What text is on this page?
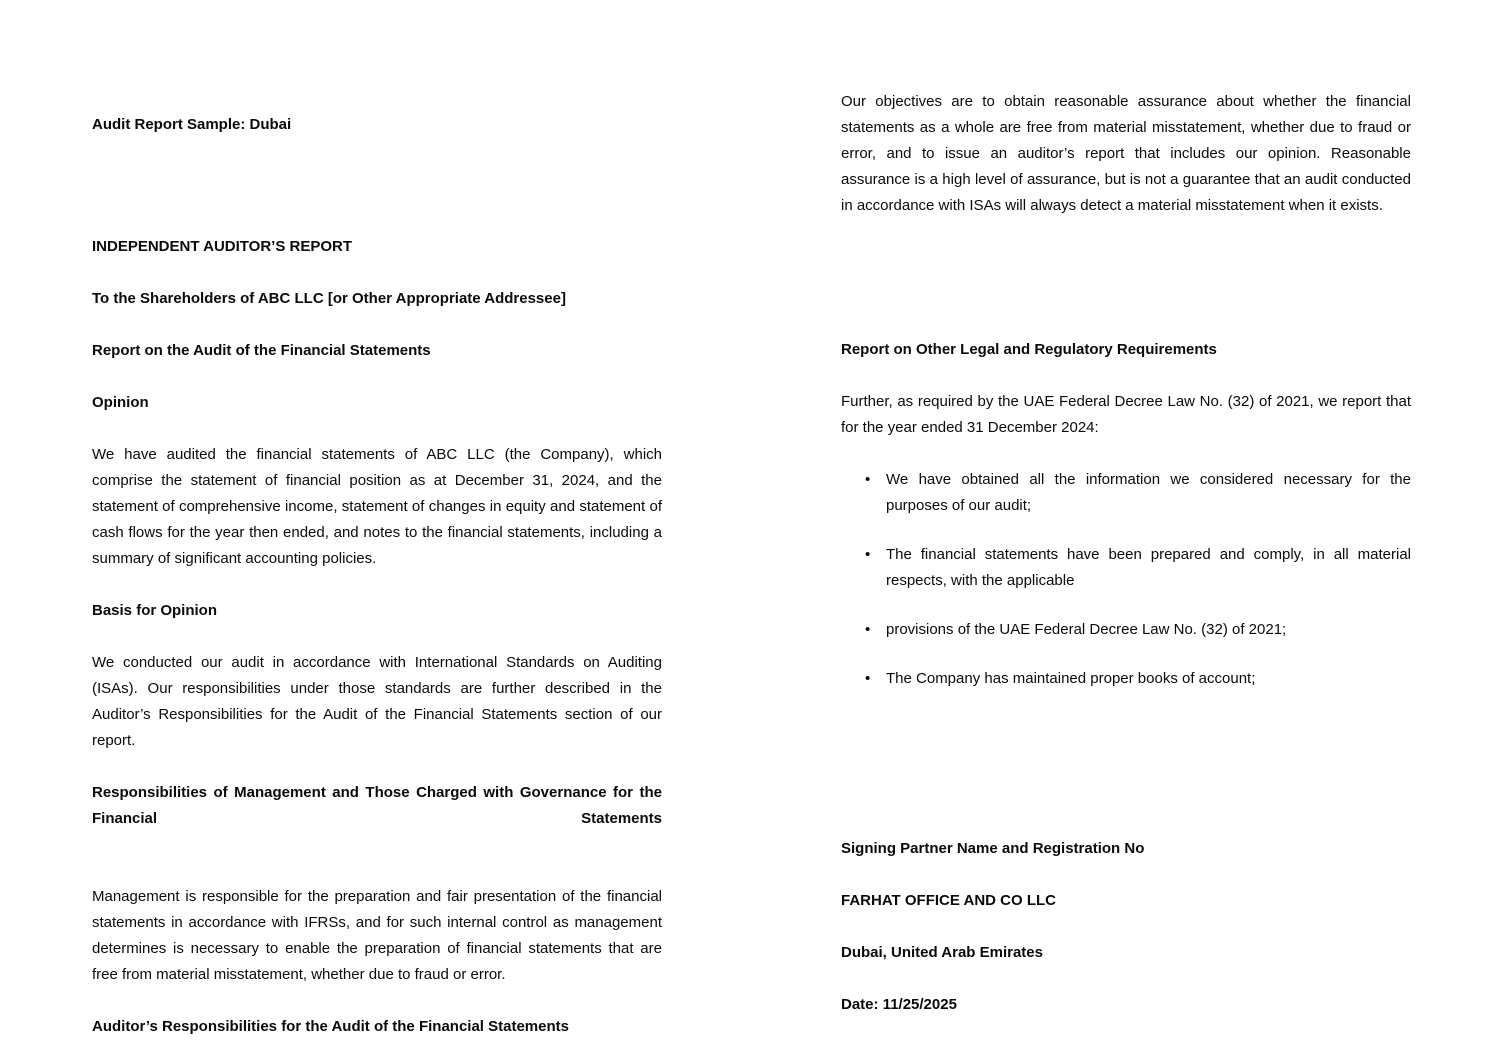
Audit Report Sample: Dubai
INDEPENDENT AUDITOR’S REPORT
To the Shareholders of ABC LLC [or Other Appropriate Addressee]
Report on the Audit of the Financial Statements
Opinion
We have audited the financial statements of ABC LLC (the Company), which comprise the statement of financial position as at December 31, 2024, and the statement of comprehensive income, statement of changes in equity and statement of cash flows for the year then ended, and notes to the financial statements, including a summary of significant accounting policies.
Basis for Opinion
We conducted our audit in accordance with International Standards on Auditing (ISAs). Our responsibilities under those standards are further described in the Auditor’s Responsibilities for the Audit of the Financial Statements section of our report.
Responsibilities of Management and Those Charged with Governance for the Financial Statements
Management is responsible for the preparation and fair presentation of the financial statements in accordance with IFRSs, and for such internal control as management determines is necessary to enable the preparation of financial statements that are free from material misstatement, whether due to fraud or error.
Auditor’s Responsibilities for the Audit of the Financial Statements
Our objectives are to obtain reasonable assurance about whether the financial statements as a whole are free from material misstatement, whether due to fraud or error, and to issue an auditor’s report that includes our opinion. Reasonable assurance is a high level of assurance, but is not a guarantee that an audit conducted in accordance with ISAs will always detect a material misstatement when it exists.
Report on Other Legal and Regulatory Requirements
Further, as required by the UAE Federal Decree Law No. (32) of 2021, we report that for the year ended 31 December 2024:
• We have obtained all the information we considered necessary for the purposes of our audit;
• The financial statements have been prepared and comply, in all material respects, with the applicable
• provisions of the UAE Federal Decree Law No. (32) of 2021;
• The Company has maintained proper books of account;
Signing Partner Name and Registration No
FARHAT OFFICE AND CO LLC
Dubai, United Arab Emirates
Date: 11/25/2025
